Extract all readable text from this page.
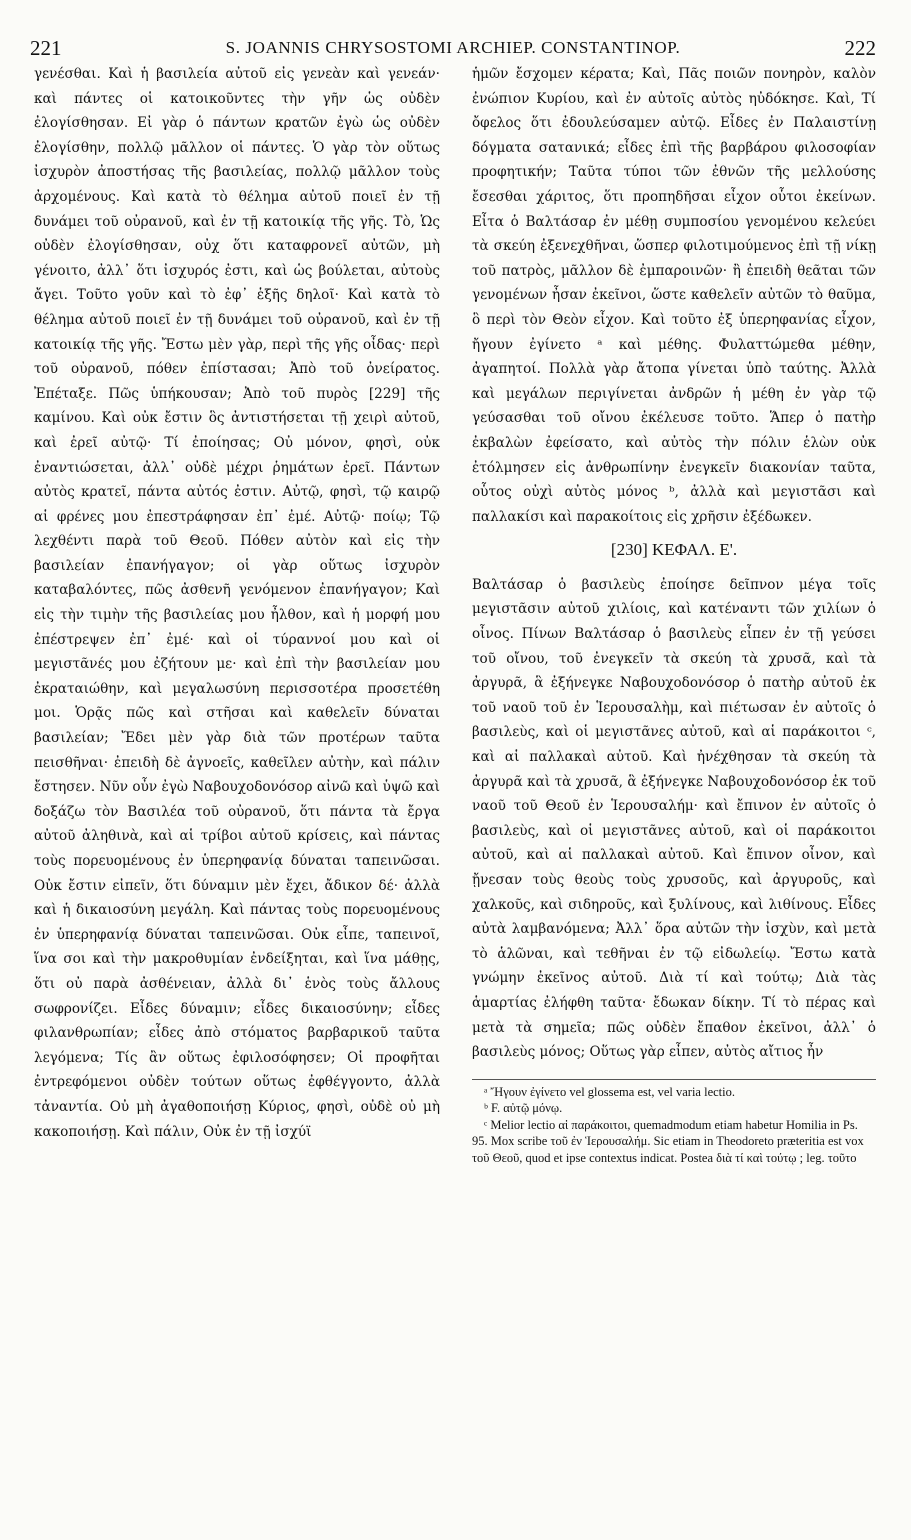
221	S. JOANNIS CHRYSOSTOMI ARCHIEP. CONSTANTINOP.	222

γενέσθαι. Καὶ ἡ βασιλεία αὐτοῦ εἰς γενεὰν καὶ γενεάν· καὶ πάντες οἱ κατοικοῦντες τὴν γῆν ὡς οὐδὲν ἐλογίσθησαν. Εἰ γὰρ ὁ πάντων κρατῶν ἐγὼ ὡς οὐδὲν ἐλογίσθην, πολλῷ μᾶλλον οἱ πάντες. Ὁ γὰρ τὸν οὕτως ἰσχυρὸν ἀποστήσας τῆς βασιλείας, πολλῷ μᾶλλον τοὺς ἀρχομένους. Καὶ κατὰ τὸ θέλημα αὐτοῦ ποιεῖ ἐν τῇ δυνάμει τοῦ οὐρανοῦ, καὶ ἐν τῇ κατοικίᾳ τῆς γῆς. Τὸ, Ὡς οὐδὲν ἐλογίσθησαν, οὐχ ὅτι καταφρονεῖ αὐτῶν, μὴ γένοιτο, ἀλλ᾽ ὅτι ἰσχυρός ἐστι, καὶ ὡς βούλεται, αὐτοὺς ἄγει. Τοῦτο γοῦν καὶ τὸ ἐφ᾽ ἑξῆς δηλοῖ· Καὶ κατὰ τὸ θέλημα αὐτοῦ ποιεῖ ἐν τῇ δυνάμει τοῦ οὐρανοῦ, καὶ ἐν τῇ κατοικίᾳ τῆς γῆς. Ἔστω μὲν γὰρ, περὶ τῆς γῆς οἶδας· περὶ τοῦ οὐρανοῦ, πόθεν ἐπίστασαι; Ἀπὸ τοῦ ὀνείρατος. Ἐπέταξε. Πῶς ὑπήκουσαν; Ἀπὸ τοῦ πυρὸς [229] τῆς καμίνου. Καὶ οὐκ ἔστιν ὃς ἀντιστήσεται τῇ χειρὶ αὐτοῦ, καὶ ἐρεῖ αὐτῷ· Τί ἐποίησας; Οὐ μόνον, φησὶ, οὐκ ἐναντιώσεται, ἀλλ᾽ οὐδὲ μέχρι ῥημάτων ἐρεῖ. Πάντων αὐτὸς κρατεῖ, πάντα αὐτός ἐστιν. Αὐτῷ, φησὶ, τῷ καιρῷ αἱ φρένες μου ἐπεστράφησαν ἐπ᾽ ἐμέ. Αὐτῷ· ποίῳ; Τῷ λεχθέντι παρὰ τοῦ Θεοῦ. Πόθεν αὐτὸν καὶ εἰς τὴν βασιλείαν ἐπανήγαγον; οἱ γὰρ οὕτως ἰσχυρὸν καταβαλόντες, πῶς ἀσθενῆ γενόμενον ἐπανήγαγον; Καὶ εἰς τὴν τιμὴν τῆς βασιλείας μου ἦλθον, καὶ ἡ μορφή μου ἐπέστρεψεν ἐπ᾽ ἐμέ· καὶ οἱ τύραννοί μου καὶ οἱ μεγιστᾶνές μου ἐζήτουν με· καὶ ἐπὶ τὴν βασιλείαν μου ἐκραταιώθην, καὶ μεγαλωσύνη περισσοτέρα προσετέθη μοι. Ὁρᾷς πῶς καὶ στῆσαι καὶ καθελεῖν δύναται βασιλείαν; Ἔδει μὲν γὰρ διὰ τῶν προτέρων ταῦτα πεισθῆναι· ἐπειδὴ δὲ ἀγνοεῖς, καθεῖλεν αὐτὴν, καὶ πάλιν ἔστησεν. Νῦν οὖν ἐγὼ Ναβουχοδονόσορ αἰνῶ καὶ ὑψῶ καὶ δοξάζω τὸν Βασιλέα τοῦ οὐρανοῦ, ὅτι πάντα τὰ ἔργα αὐτοῦ ἀληθινὰ, καὶ αἱ τρίβοι αὐτοῦ κρίσεις, καὶ πάντας τοὺς πορευομένους ἐν ὑπερηφανίᾳ δύναται ταπεινῶσαι. Οὐκ ἔστιν εἰπεῖν, ὅτι δύναμιν μὲν ἔχει, ἄδικον δέ· ἀλλὰ καὶ ἡ δικαιοσύνη μεγάλη. Καὶ πάντας τοὺς πορευομένους ἐν ὑπερηφανίᾳ δύναται ταπεινῶσαι. Οὐκ εἶπε, ταπεινοῖ, ἵνα σοι καὶ τὴν μακροθυμίαν ἐνδείξηται, καὶ ἵνα μάθῃς, ὅτι οὐ παρὰ ἀσθένειαν, ἀλλὰ δι᾽ ἑνὸς τοὺς ἄλλους σωφρονίζει. Εἶδες δύναμιν; εἶδες δικαιοσύνην; εἶδες φιλανθρωπίαν; εἶδες ἀπὸ στόματος βαρβαρικοῦ ταῦτα λεγόμενα; Τίς ἂν οὕτως ἐφιλοσόφησεν; Οἱ προφῆται ἐντρεφόμενοι οὐδὲν τούτων οὕτως ἐφθέγγοντο, ἀλλὰ τἀναντία. Οὐ μὴ ἀγαθοποιήσῃ Κύριος, φησὶ, οὐδὲ οὐ μὴ κακοποιήσῃ. Καὶ πάλιν, Οὐκ ἐν τῇ ἰσχύϊ

ἡμῶν ἔσχομεν κέρατα; Καὶ, Πᾶς ποιῶν πονηρὸν, καλὸν ἐνώπιον Κυρίου, καὶ ἐν αὐτοῖς αὐτὸς ηὐδόκησε. Καὶ, Τί ὄφελος ὅτι ἐδουλεύσαμεν αὐτῷ. Εἶδες ἐν Παλαιστίνῃ δόγματα σατανικά; εἶδες ἐπὶ τῆς βαρβάρου φιλοσοφίαν προφητικήν; Ταῦτα τύποι τῶν ἐθνῶν τῆς μελλούσης ἔσεσθαι χάριτος, ὅτι προπηδῆσαι εἶχον οὗτοι ἐκείνων. Εἶτα ὁ Βαλτάσαρ ἐν μέθῃ συμποσίου γενομένου κελεύει τὰ σκεύη ἐξενεχθῆναι, ὥσπερ φιλοτιμούμενος ἐπὶ τῇ νίκῃ τοῦ πατρὸς, μᾶλλον δὲ ἐμπαροινῶν· ἢ ἐπειδὴ θεᾶται τῶν γενομένων ἦσαν ἐκεῖνοι, ὥστε καθελεῖν αὐτῶν τὸ θαῦμα, ὃ περὶ τὸν Θεὸν εἶχον. Καὶ τοῦτο ἐξ ὑπερηφανίας εἶχον, ἤγουν ἐγίνετο ᵃ καὶ μέθης. Φυλαττώμεθα μέθην, ἀγαπητοί. Πολλὰ γὰρ ἄτοπα γίνεται ὑπὸ ταύτης. Ἀλλὰ καὶ μεγάλων περιγίνεται ἀνδρῶν ἡ μέθη ἐν γὰρ τῷ γεύσασθαι τοῦ οἴνου ἐκέλευσε τοῦτο. Ἅπερ ὁ πατὴρ ἐκβαλὼν ἐφείσατο, καὶ αὐτὸς τὴν πόλιν ἑλὼν οὐκ ἐτόλμησεν εἰς ἀνθρωπίνην ἐνεγκεῖν διακονίαν ταῦτα, οὗτος οὐχὶ αὐτὸς μόνος ᵇ, ἀλλὰ καὶ μεγιστᾶσι καὶ παλλακίσι καὶ παρακοίτοις εἰς χρῆσιν ἐξέδωκεν.

[230] ΚΕΦΑΛ. Ε'.

Βαλτάσαρ ὁ βασιλεὺς ἐποίησε δεῖπνον μέγα τοῖς μεγιστᾶσιν αὐτοῦ χιλίοις, καὶ κατέναντι τῶν χιλίων ὁ οἶνος. Πίνων Βαλτάσαρ ὁ βασιλεὺς εἶπεν ἐν τῇ γεύσει τοῦ οἴνου, τοῦ ἐνεγκεῖν τὰ σκεύη τὰ χρυσᾶ, καὶ τὰ ἀργυρᾶ, ἃ ἐξήνεγκε Ναβουχοδονόσορ ὁ πατὴρ αὐτοῦ ἐκ τοῦ ναοῦ τοῦ ἐν Ἱερουσαλὴμ, καὶ πιέτωσαν ἐν αὐτοῖς ὁ βασιλεὺς, καὶ οἱ μεγιστᾶνες αὐτοῦ, καὶ αἱ παράκοιτοι ᶜ, καὶ αἱ παλλακαὶ αὐτοῦ. Καὶ ἠνέχθησαν τὰ σκεύη τὰ ἀργυρᾶ καὶ τὰ χρυσᾶ, ἃ ἐξήνεγκε Ναβουχοδονόσορ ἐκ τοῦ ναοῦ τοῦ Θεοῦ ἐν Ἱερουσαλήμ· καὶ ἔπινον ἐν αὐτοῖς ὁ βασιλεὺς, καὶ οἱ μεγιστᾶνες αὐτοῦ, καὶ οἱ παράκοιτοι αὐτοῦ, καὶ αἱ παλλακαὶ αὐτοῦ. Καὶ ἔπινον οἶνον, καὶ ᾔνεσαν τοὺς θεοὺς τοὺς χρυσοῦς, καὶ ἀργυροῦς, καὶ χαλκοῦς, καὶ σιδηροῦς, καὶ ξυλίνους, καὶ λιθίνους. Εἶδες αὐτὰ λαμβανόμενα; Ἀλλ᾽ ὅρα αὐτῶν τὴν ἰσχὺν, καὶ μετὰ τὸ ἁλῶναι, καὶ τεθῆναι ἐν τῷ εἰδωλείῳ. Ἔστω κατὰ γνώμην ἐκεῖνος αὐτοῦ. Διὰ τί καὶ τούτῳ; Διὰ τὰς ἁμαρτίας ἐλήφθη ταῦτα· ἔδωκαν δίκην. Τί τὸ πέρας καὶ μετὰ τὰ σημεῖα; πῶς οὐδὲν ἔπαθον ἐκεῖνοι, ἀλλ᾽ ὁ βασιλεὺς μόνος; Οὕτως γὰρ εἶπεν, αὐτὸς αἴτιος ἦν

ᵃ Ἤγουν ἐγίνετο vel glossema est, vel varia lectio.
ᵇ F. αὐτῷ μόνῳ.
ᶜ Melior lectio αἱ παράκοιτοι, quemadmodum etiam habetur Homilia in Ps. 95. Mox scribe τοῦ ἐν Ἱερουσαλήμ. Sic etiam in Theodoreto præteritia est vox τοῦ Θεοῦ, quod et ipse contextus indicat. Postea διὰ τί καὶ τούτῳ ; leg. τοῦτο
